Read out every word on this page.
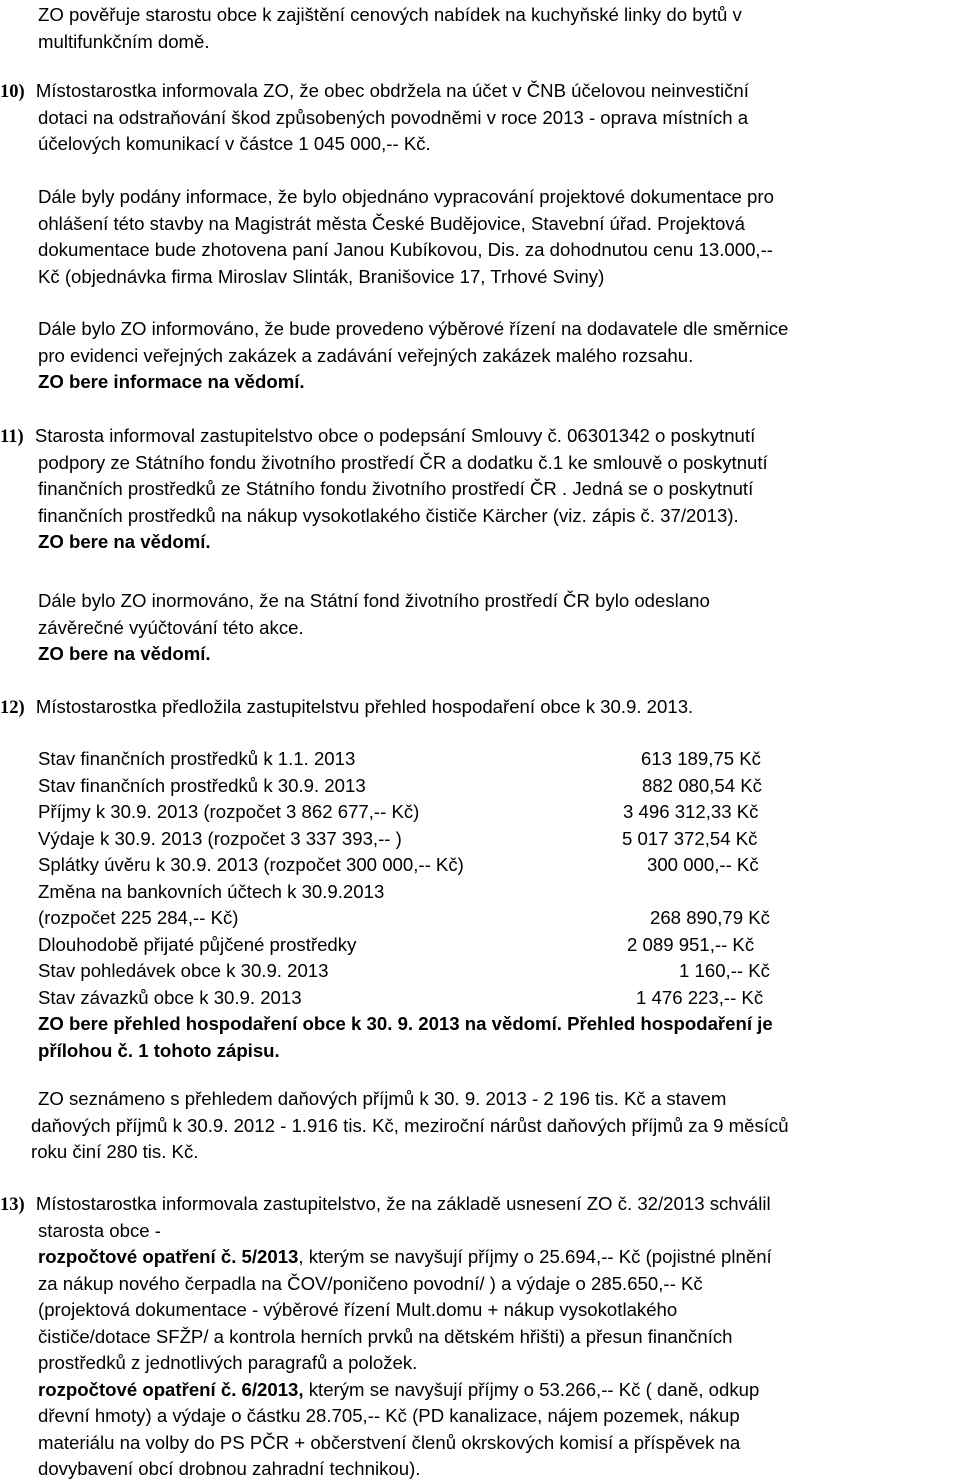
ZO pověřuje starostu obce k zajištění cenových nabídek na kuchyňské linky do bytů v
multifunkčním domě.
10) Místostarostka informovala ZO, že obec obdržela na účet v ČNB účelovou neinvestiční
dotaci na odstraňování škod způsobených povodněmi v roce 2013 - oprava místních a
účelových komunikací v částce 1 045 000,-- Kč.
Dále byly podány informace, že bylo objednáno vypracování projektové dokumentace pro
ohlášení této stavby na Magistrát města České Budějovice, Stavební úřad. Projektová
dokumentace bude zhotovena paní Janou Kubíkovou, Dis. za dohodnutou cenu 13.000,--
Kč (objednávka firma Miroslav Slinták, Branišovice 17, Trhové Sviny)
Dále bylo ZO informováno, že bude provedeno výběrové řízení na dodavatele dle směrnice
pro evidenci veřejných zakázek a zadávání veřejných zakázek malého rozsahu.
ZO bere informace na vědomí.
11) Starosta informoval zastupitelstvo obce o podepsání Smlouvy č. 06301342 o poskytnutí
podpory ze Státního fondu životního prostředí ČR a dodatku č.1 ke smlouvě o poskytnutí
finančních prostředků ze Státního fondu životního prostředí ČR . Jedná se o poskytnutí
finančních prostředků na nákup vysokotlakého čističe Kärcher (viz. zápis č. 37/2013).
ZO bere na vědomí.
Dále bylo ZO inormováno, že na Státní fond životního prostředí ČR bylo odeslano
závěrečné vyúčtování této akce.
ZO bere na vědomí.
12) Místostarostka předložila zastupitelstvu přehled hospodaření obce k 30.9. 2013.
Stav finančních prostředků k 1.1. 2013	613 189,75 Kč
Stav finančních prostředků k 30.9. 2013	882 080,54 Kč
Příjmy k 30.9. 2013 (rozpočet 3 862 677,-- Kč)	3 496 312,33 Kč
Výdaje k 30.9. 2013 (rozpočet 3 337 393,-- )	5 017 372,54 Kč
Splátky úvěru k 30.9. 2013 (rozpočet 300 000,-- Kč)	300 000,-- Kč
Změna na bankovních účtech k 30.9.2013
(rozpočet 225 284,-- Kč)	268 890,79 Kč
Dlouhodobě přijaté půjčené prostředky	2 089 951,-- Kč
Stav pohledávek obce k 30.9. 2013	1 160,-- Kč
Stav závazků obce k 30.9. 2013	1 476 223,-- Kč
ZO bere přehled hospodaření obce k 30. 9. 2013 na vědomí. Přehled hospodaření je
přílohou č. 1 tohoto zápisu.
ZO seznámeno s přehledem daňových příjmů k 30. 9. 2013 - 2 196 tis. Kč a stavem
daňových příjmů k 30.9. 2012 - 1.916 tis. Kč, meziroční nárůst daňových příjmů za 9 měsíců
roku činí 280 tis. Kč.
13) Místostarostka informovala zastupitelstvo, že na základě usnesení ZO č. 32/2013 schválil
starosta obce -
rozpočtové opatření č. 5/2013, kterým se navyšují příjmy o 25.694,-- Kč (pojistné plnění
za nákup nového čerpadla na ČOV/poničeno povodní/ ) a výdaje o 285.650,-- Kč
(projektová dokumentace - výběrové řízení Mult.domu + nákup vysokotlakého
čističe/dotace SFŽP/ a kontrola herních prvků na dětském hřišti) a přesun finančních
prostředků z jednotlivých paragrafů a položek.
rozpočtové opatření č. 6/2013, kterým se navyšují příjmy o 53.266,-- Kč ( daně, odkup
dřevní hmoty) a výdaje o částku 28.705,-- Kč (PD kanalizace, nájem pozemek, nákup
materiálu na volby do PS PČR + občerstvení členů okrskových komisí a příspěvek na
dovybavení obcí drobnou zahradní technikou).
